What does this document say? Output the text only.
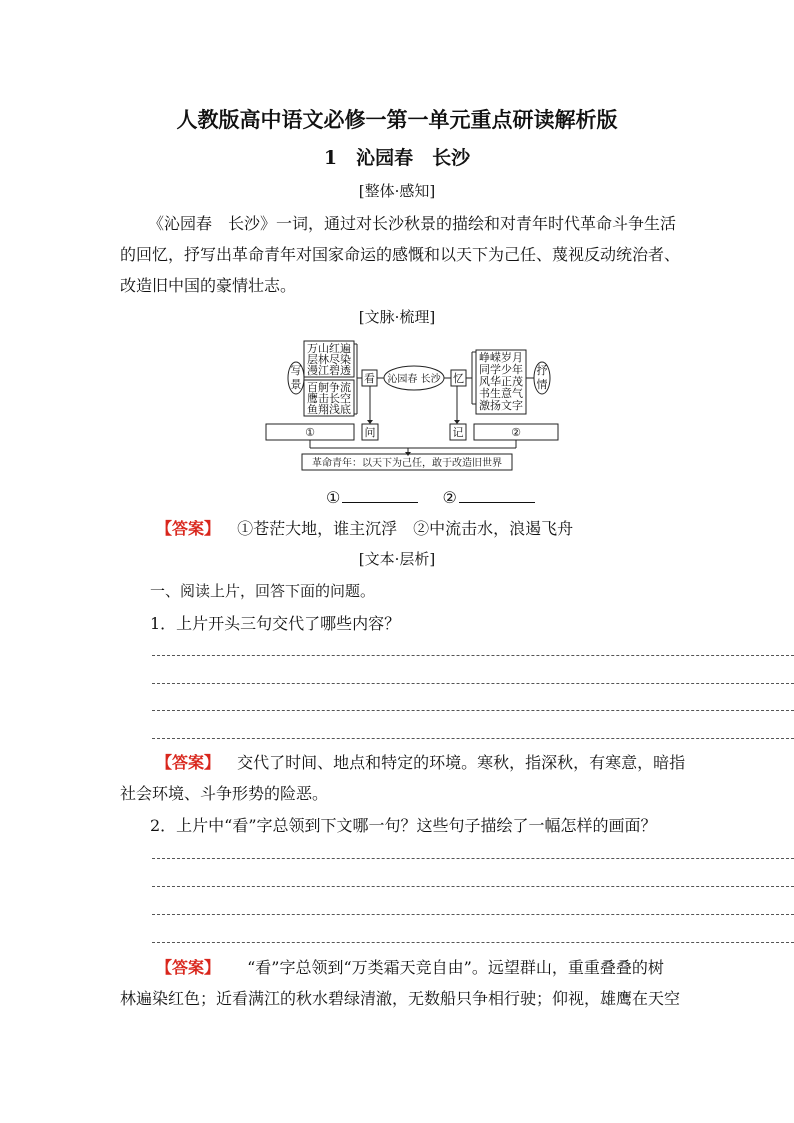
人教版高中语文必修一第一单元重点研读解析版
1　沁园春　长沙
[整体·感知]
《沁园春　长沙》一词，通过对长沙秋景的描绘和对青年时代革命斗争生活
的回忆，抒写出革命青年对国家命运的感慨和以天下为己任、蔑视反动统治者、
改造旧中国的豪情壮志。
[文脉·梳理]
写
景
万山红遍
层林尽染
漫江碧透
百舸争流
鹰击长空
鱼翔浅底
看 沁园春 长沙 忆
峥嵘岁月
同学少年
风华正茂
书生意气
激扬文字
抒
情
①	问	记	②
革命青年：以天下为己任，敢于改造旧世界
①	②
【答案】 ①苍茫大地，谁主沉浮　②中流击水，浪遏飞舟
[文本·层析]
一、阅读上片，回答下面的问题。
1．上片开头三句交代了哪些内容？
【答案】 交代了时间、地点和特定的环境。寒秋，指深秋，有寒意，暗指
社会环境、斗争形势的险恶。
2．上片中“看”字总领到下文哪一句？这些句子描绘了一幅怎样的画面？
【答案】 “看”字总领到“万类霜天竞自由”。远望群山，重重叠叠的树
林遍染红色；近看满江的秋水碧绿清澈，无数船只争相行驶；仰视，雄鹰在天空
